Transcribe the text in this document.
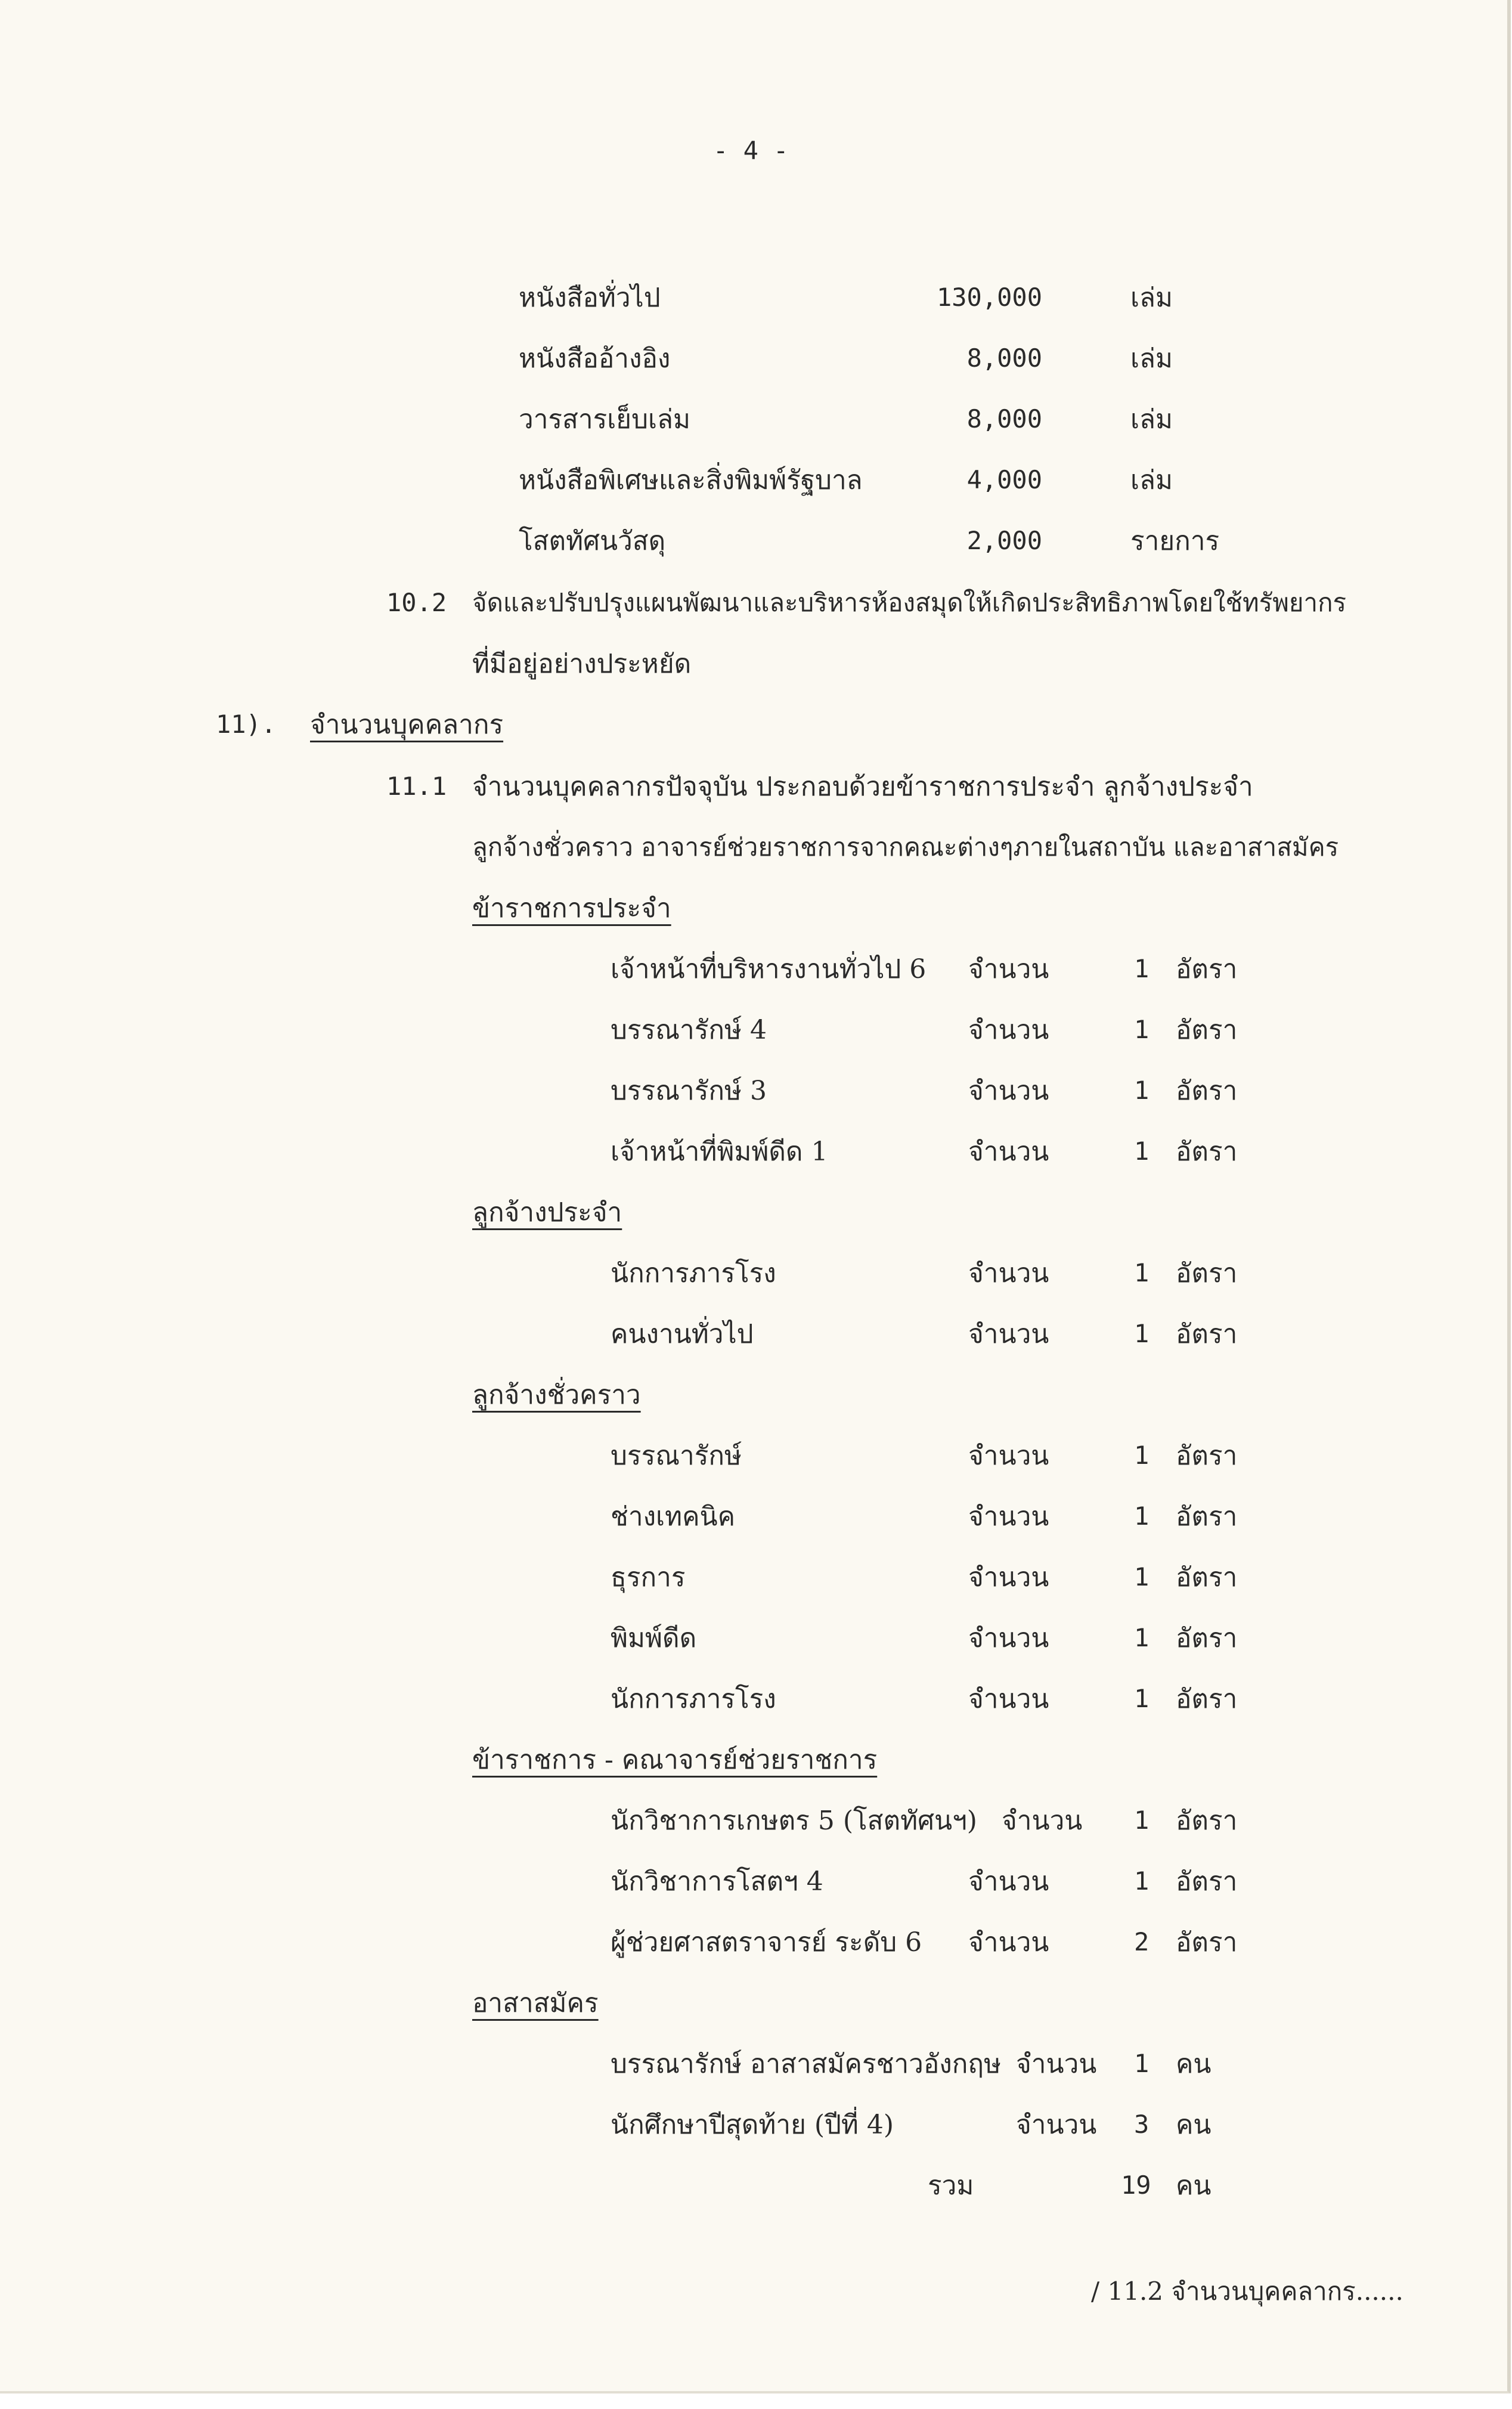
- 4 -
หนังสือทั่วไป	130,000	เล่ม
หนังสืออ้างอิง	8,000	เล่ม
วารสารเย็บเล่ม	8,000	เล่ม
หนังสือพิเศษและสิ่งพิมพ์รัฐบาล	4,000	เล่ม
โสตทัศนวัสดุ	2,000	รายการ
10.2 จัดและปรับปรุงแผนพัฒนาและบริหารห้องสมุดให้เกิดประสิทธิภาพโดยใช้ทรัพยากร
ที่มีอยู่อย่างประหยัด
11). จำนวนบุคคลากร
11.1 จำนวนบุคคลากรปัจจุบัน ประกอบด้วยข้าราชการประจำ ลูกจ้างประจำ
ลูกจ้างชั่วคราว อาจารย์ช่วยราชการจากคณะต่างๆภายในสถาบัน และอาสาสมัคร
ข้าราชการประจำ
เจ้าหน้าที่บริหารงานทั่วไป 6 จำนวน	1 อัตรา
บรรณารักษ์ 4	จำนวน	1 อัตรา
บรรณารักษ์ 3	จำนวน	1 อัตรา
เจ้าหน้าที่พิมพ์ดีด 1	จำนวน	1 อัตรา
ลูกจ้างประจำ
นักการภารโรง	จำนวน	1 อัตรา
คนงานทั่วไป	จำนวน	1 อัตรา
ลูกจ้างชั่วคราว
บรรณารักษ์	จำนวน	1 อัตรา
ช่างเทคนิค	จำนวน	1 อัตรา
ธุรการ	จำนวน	1 อัตรา
พิมพ์ดีด	จำนวน	1 อัตรา
นักการภารโรง	จำนวน	1 อัตรา
ข้าราชการ - คณาจารย์ช่วยราชการ
นักวิชาการเกษตร 5 (โสตทัศนฯ) จำนวน 1 อัตรา
นักวิชาการโสตฯ 4	จำนวน	1 อัตรา
ผู้ช่วยศาสตราจารย์ ระดับ 6 จำนวน	2 อัตรา
อาสาสมัคร
บรรณารักษ์ อาสาสมัครชาวอังกฤษ จำนวน 1 คน
นักศึกษาปีสุดท้าย (ปีที่ 4)	จำนวน 3 คน
รวม	19 คน
/ 11.2 จำนวนบุคคลากร......
